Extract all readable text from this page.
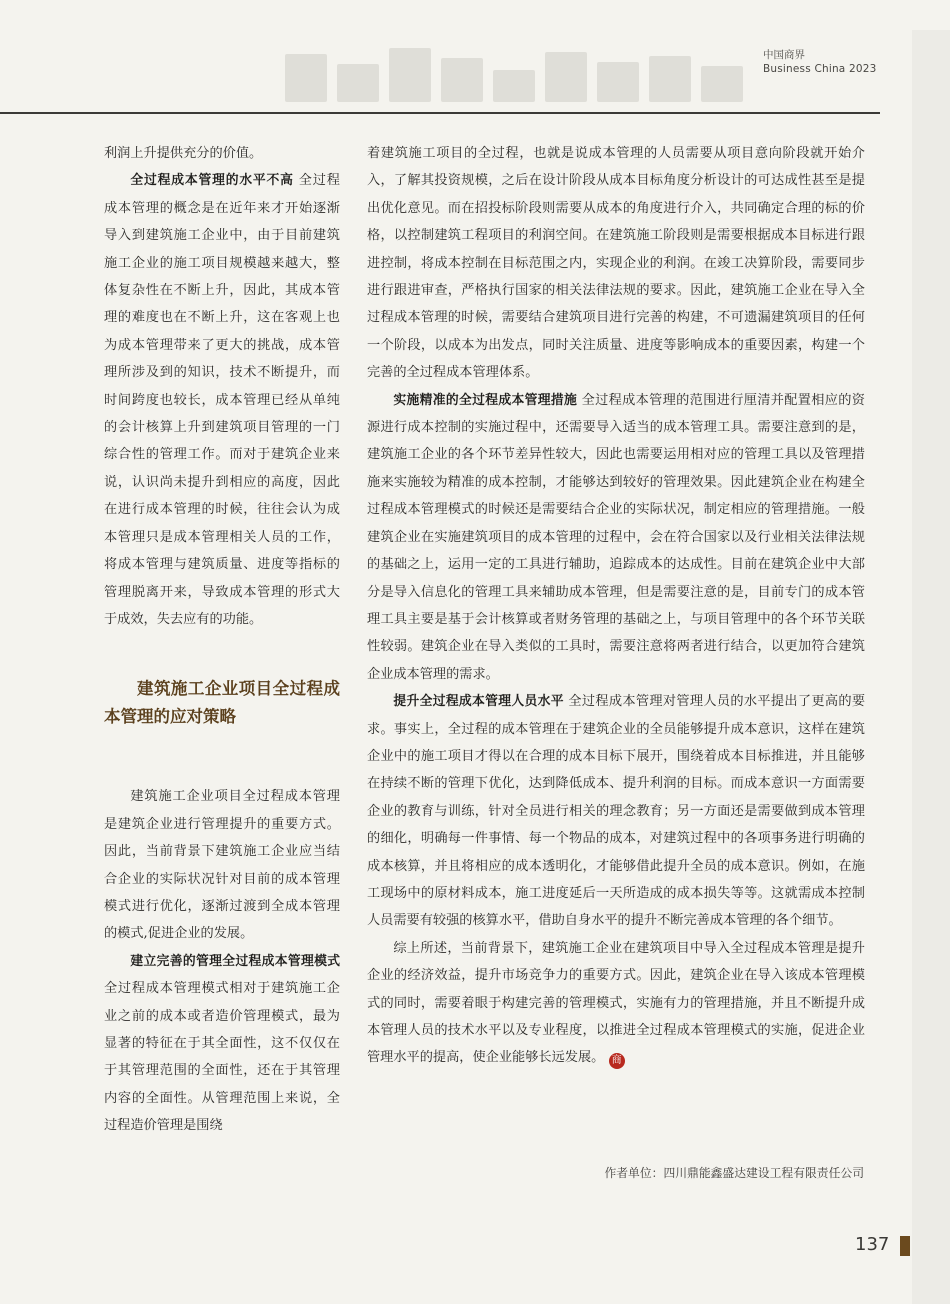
中国商界
Business China 2023

利润上升提供充分的价值。

全过程成本管理的水平不高 全过程成本管理的概念是在近年来才开始逐渐导入到建筑施工企业中，由于目前建筑施工企业的施工项目规模越来越大，整体复杂性在不断上升，因此，其成本管理的难度也在不断上升，这在客观上也为成本管理带来了更大的挑战，成本管理所涉及到的知识，技术不断提升，而时间跨度也较长，成本管理已经从单纯的会计核算上升到建筑项目管理的一门综合性的管理工作。而对于建筑企业来说，认识尚未提升到相应的高度，因此在进行成本管理的时候，往往会认为成本管理只是成本管理相关人员的工作，将成本管理与建筑质量、进度等指标的管理脱离开来，导致成本管理的形式大于成效，失去应有的功能。

建筑施工企业项目全过程成本管理的应对策略

建筑施工企业项目全过程成本管理是建筑企业进行管理提升的重要方式。因此，当前背景下建筑施工企业应当结合企业的实际状况针对目前的成本管理模式进行优化，逐渐过渡到全成本管理的模式,促进企业的发展。

建立完善的管理全过程成本管理模式 全过程成本管理模式相对于建筑施工企业之前的成本或者造价管理模式，最为显著的特征在于其全面性，这不仅仅在于其管理范围的全面性，还在于其管理内容的全面性。从管理范围上来说，全过程造价管理是围绕

着建筑施工项目的全过程，也就是说成本管理的人员需要从项目意向阶段就开始介入，了解其投资规模，之后在设计阶段从成本目标角度分析设计的可达成性甚至是提出优化意见。而在招投标阶段则需要从成本的角度进行介入，共同确定合理的标的价格，以控制建筑工程项目的利润空间。在建筑施工阶段则是需要根据成本目标进行跟进控制，将成本控制在目标范围之内，实现企业的利润。在竣工决算阶段，需要同步进行跟进审查，严格执行国家的相关法律法规的要求。因此，建筑施工企业在导入全过程成本管理的时候，需要结合建筑项目进行完善的构建，不可遗漏建筑项目的任何一个阶段，以成本为出发点，同时关注质量、进度等影响成本的重要因素，构建一个完善的全过程成本管理体系。

实施精准的全过程成本管理措施 全过程成本管理的范围进行厘清并配置相应的资源进行成本控制的实施过程中，还需要导入适当的成本管理工具。需要注意到的是，建筑施工企业的各个环节差异性较大，因此也需要运用相对应的管理工具以及管理措施来实施较为精准的成本控制，才能够达到较好的管理效果。因此建筑企业在构建全过程成本管理模式的时候还是需要结合企业的实际状况，制定相应的管理措施。一般建筑企业在实施建筑项目的成本管理的过程中，会在符合国家以及行业相关法律法规的基础之上，运用一定的工具进行辅助，追踪成本的达成性。目前在建筑企业中大部分是导入信息化的管理工具来辅助成本管理，但是需要注意的是，目前专门的成本管理工具主要是基于会计核算或者财务管理的基础之上，与项目管理中的各个环节关联性较弱。建筑企业在导入类似的工具时，需要注意将两者进行结合，以更加符合建筑企业成本管理的需求。

提升全过程成本管理人员水平 全过程成本管理对管理人员的水平提出了更高的要求。事实上，全过程的成本管理在于建筑企业的全员能够提升成本意识，这样在建筑企业中的施工项目才得以在合理的成本目标下展开，围绕着成本目标推进，并且能够在持续不断的管理下优化，达到降低成本、提升利润的目标。而成本意识一方面需要企业的教育与训练，针对全员进行相关的理念教育；另一方面还是需要做到成本管理的细化，明确每一件事情、每一个物品的成本，对建筑过程中的各项事务进行明确的成本核算，并且将相应的成本透明化，才能够借此提升全员的成本意识。例如，在施工现场中的原材料成本，施工进度延后一天所造成的成本损失等等。这就需成本控制人员需要有较强的核算水平，借助自身水平的提升不断完善成本管理的各个细节。

综上所述，当前背景下，建筑施工企业在建筑项目中导入全过程成本管理是提升企业的经济效益，提升市场竞争力的重要方式。因此，建筑企业在导入该成本管理模式的同时，需要着眼于构建完善的管理模式，实施有力的管理措施，并且不断提升成本管理人员的技术水平以及专业程度，以推进全过程成本管理模式的实施，促进企业管理水平的提高，使企业能够长远发展。 商

作者单位：四川鼎能鑫盛达建设工程有限责任公司
137
